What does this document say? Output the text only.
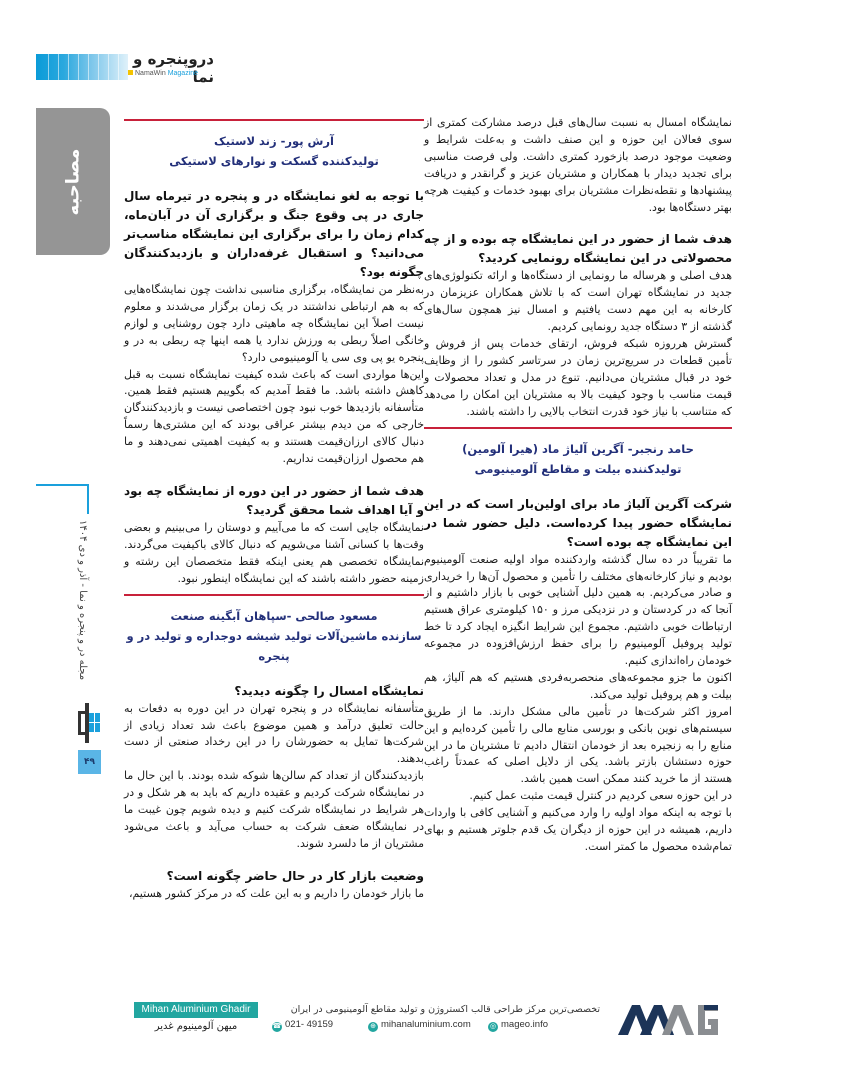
دروپنجره و نما
NamaWin Magazine
مصاحبه
مجله در و پنجره و نما - آذر و دی ۱۴۰۴
۴۹

نمایشگاه امسال به نسبت سال‌های قبل درصد مشارکت کمتری از سوی فعالان این حوزه و این صنف داشت و به‌علت شرایط و وضعیت موجود درصد بازخورد کمتری داشت. ولی فرصت مناسبی برای تجدید دیدار با همکاران و مشتریان عزیز و گرانقدر و دریافت پیشنهادها و نقطه‌نظرات مشتریان برای بهبود خدمات و کیفیت هرچه بهتر دستگاه‌ها بود.

هدف شما از حضور در این نمایشگاه چه بوده و از چه محصولاتی در این نمایشگاه رونمایی کردید؟

هدف اصلی و هرساله ما رونمایی از دستگاه‌ها و ارائه تکنولوژی‌های جدید در نمایشگاه تهران است که با تلاش همکاران عزیزمان در کارخانه به این مهم دست یافتیم و امسال نیز همچون سال‌های گذشته از ۳ دستگاه جدید رونمایی کردیم.

گسترش هرروزه شبکه فروش، ارتقای خدمات پس از فروش و تأمین قطعات در سریع‌ترین زمان در سرتاسر کشور را از وظایف خود در قبال مشتریان می‌دانیم. تنوع در مدل و تعداد محصولات و قیمت مناسب با وجود کیفیت بالا به مشتریان این امکان را می‌دهد که متناسب با نیاز خود قدرت انتخاب بالایی را داشته باشند.

حامد رنجبر- آگرین آلیاژ ماد (هیرا آلومین)
تولیدکننده بیلت و مقاطع آلومینیومی

شرکت آگرین آلیاژ ماد برای اولین‌بار است که در این نمایشگاه حضور پیدا کرده‌است. دلیل حضور شما در این نمایشگاه چه بوده است؟

ما تقریباً در ده سال گذشته واردکننده مواد اولیه صنعت آلومینیوم بودیم و نیاز کارخانه‌های مختلف را تأمین و محصول آن‌ها را خریداری و صادر می‌کردیم. به همین دلیل آشنایی خوبی با بازار داشتیم و از آنجا که در کردستان و در نزدیکی مرز و ۱۵۰ کیلومتری عراق هستیم ارتباطات خوبی داشتیم. مجموع این شرایط انگیزه ایجاد کرد تا خط تولید پروفیل آلومینیوم را برای حفظ ارزش‌افزوده در مجموعه خودمان راه‌اندازی کنیم.

اکنون ما جزو مجموعه‌های منحصربه‌فردی هستیم که هم آلیاژ، هم بیلت و هم پروفیل تولید می‌کند.

امروز اکثر شرکت‌ها در تأمین مالی مشکل دارند. ما از طریق سیستم‌های نوین بانکی و بورسی منابع مالی را تأمین کرده‌ایم و این منابع را به زنجیره بعد از خودمان انتقال دادیم تا مشتریان ما در این حوزه دستشان بازتر باشد. یکی از دلایل اصلی که عمدتاً راغب هستند از ما خرید کنند ممکن است همین باشد.

در این حوزه سعی کردیم در کنترل قیمت مثبت عمل کنیم.

با توجه به اینکه مواد اولیه را وارد می‌کنیم و آشنایی کافی با واردات داریم، همیشه در این حوزه از دیگران یک قدم جلوتر هستیم و بهای تمام‌شده محصول ما کمتر است.

آرش پور- زند لاستیک
تولیدکننده گسکت و نوارهای لاستیکی

با توجه به لغو نمایشگاه در و پنجره در تیرماه سال جاری در پی وقوع جنگ و برگزاری آن در آبان‌ماه، کدام زمان را برای برگزاری این نمایشگاه مناسب‌تر می‌دانید؟ و استقبال غرفه‌داران و بازدیدکنندگان چگونه بود؟

به‌نظر من نمایشگاه، برگزاری مناسبی نداشت چون نمایشگاه‌هایی که به هم ارتباطی نداشتند در یک زمان برگزار می‌شدند و معلوم نیست اصلاً این نمایشگاه چه ماهیتی دارد چون روشنایی و لوازم خانگی اصلاً ربطی به ورزش ندارد یا همه اینها چه ربطی به در و پنجره یو پی وی سی یا آلومینیومی دارد؟

این‌ها مواردی است که باعث شده کیفیت نمایشگاه نسبت به قبل کاهش داشته باشد. ما فقط آمدیم که بگوییم هستیم فقط همین. متأسفانه بازدیدها خوب نبود چون اختصاصی نیست و بازدیدکنندگان خارجی که من دیدم بیشتر عراقی بودند که این مشتری‌ها رسماً دنبال کالای ارزان‌قیمت هستند و به کیفیت اهمیتی نمی‌دهند و ما هم محصول ارزان‌قیمت نداریم.

هدف شما از حضور در این دوره از نمایشگاه چه بود و آیا اهداف شما محقق گردید؟

نمایشگاه جایی است که ما می‌آییم و دوستان را می‌بینیم و بعضی وقت‌ها با کسانی آشنا می‌شویم که دنبال کالای باکیفیت می‌گردند. نمایشگاه تخصصی هم یعنی اینکه فقط متخصصان این رشته و زمینه حضور داشته باشند که این نمایشگاه اینطور نبود.

مسعود صالحی -سپاهان آبگینه صنعت
سازنده ماشین‌آلات تولید شیشه دوجداره و تولید در و پنجره

نمایشگاه امسال را چگونه دیدید؟

متأسفانه نمایشگاه در و پنجره تهران در این دوره به دفعات به حالت تعلیق درآمد و همین موضوع باعث شد تعداد زیادی از شرکت‌ها تمایل به حضورشان را در این رخداد صنعتی از دست بدهند.

بازدیدکنندگان از تعداد کم سالن‌ها شوکه شده بودند. با این حال ما در نمایشگاه شرکت کردیم و عقیده داریم که باید به هر شکل و در هر شرایط در نمایشگاه شرکت کنیم و دیده شویم چون غیبت ما در نمایشگاه ضعف شرکت به حساب می‌آید و باعث می‌شود مشتریان از ما دلسرد شوند.

وضعیت بازار کار در حال حاضر چگونه است؟

ما بازار خودمان را داریم و به این علت که در مرکز کشور هستیم،

تخصصی‌ترین مرکز طراحی قالب اکستروژن و تولید مقاطع آلومینیومی در ایران
◎ mageo.info
⊕ mihanaluminium.com
☎ 021- 49159
Mihan Aluminium Ghadir
میهن آلومینیوم غدیر
